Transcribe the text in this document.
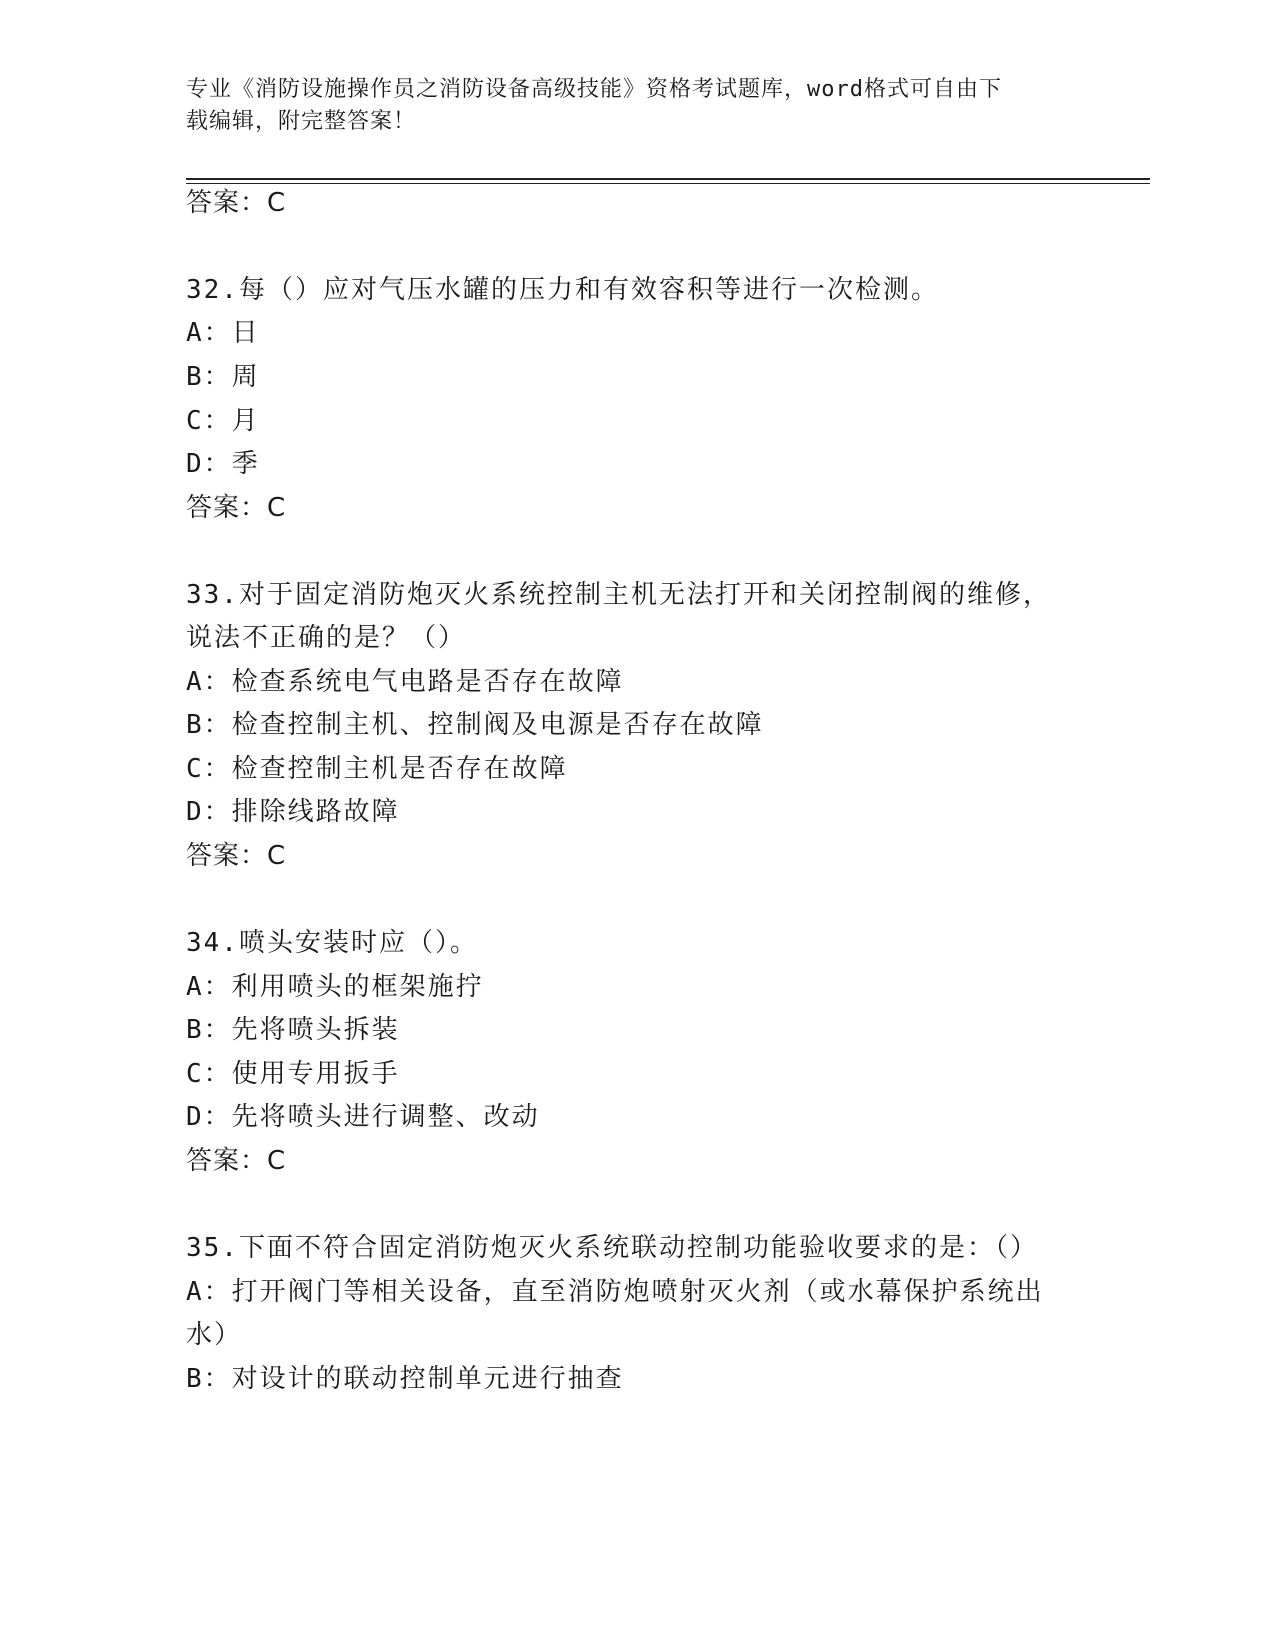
专业《消防设施操作员之消防设备高级技能》资格考试题库，word格式可自由下
载编辑，附完整答案！
答案：C
32.每（）应对气压水罐的压力和有效容积等进行一次检测。
A：日
B：周
C：月
D：季
答案：C
33.对于固定消防炮灭火系统控制主机无法打开和关闭控制阀的维修，
说法不正确的是？（）
A：检查系统电气电路是否存在故障
B：检查控制主机、控制阀及电源是否存在故障
C：检查控制主机是否存在故障
D：排除线路故障
答案：C
34.喷头安装时应（）。
A：利用喷头的框架施拧
B：先将喷头拆装
C：使用专用扳手
D：先将喷头进行调整、改动
答案：C
35.下面不符合固定消防炮灭火系统联动控制功能验收要求的是：（）
A：打开阀门等相关设备，直至消防炮喷射灭火剂（或水幕保护系统出
水）
B：对设计的联动控制单元进行抽查
